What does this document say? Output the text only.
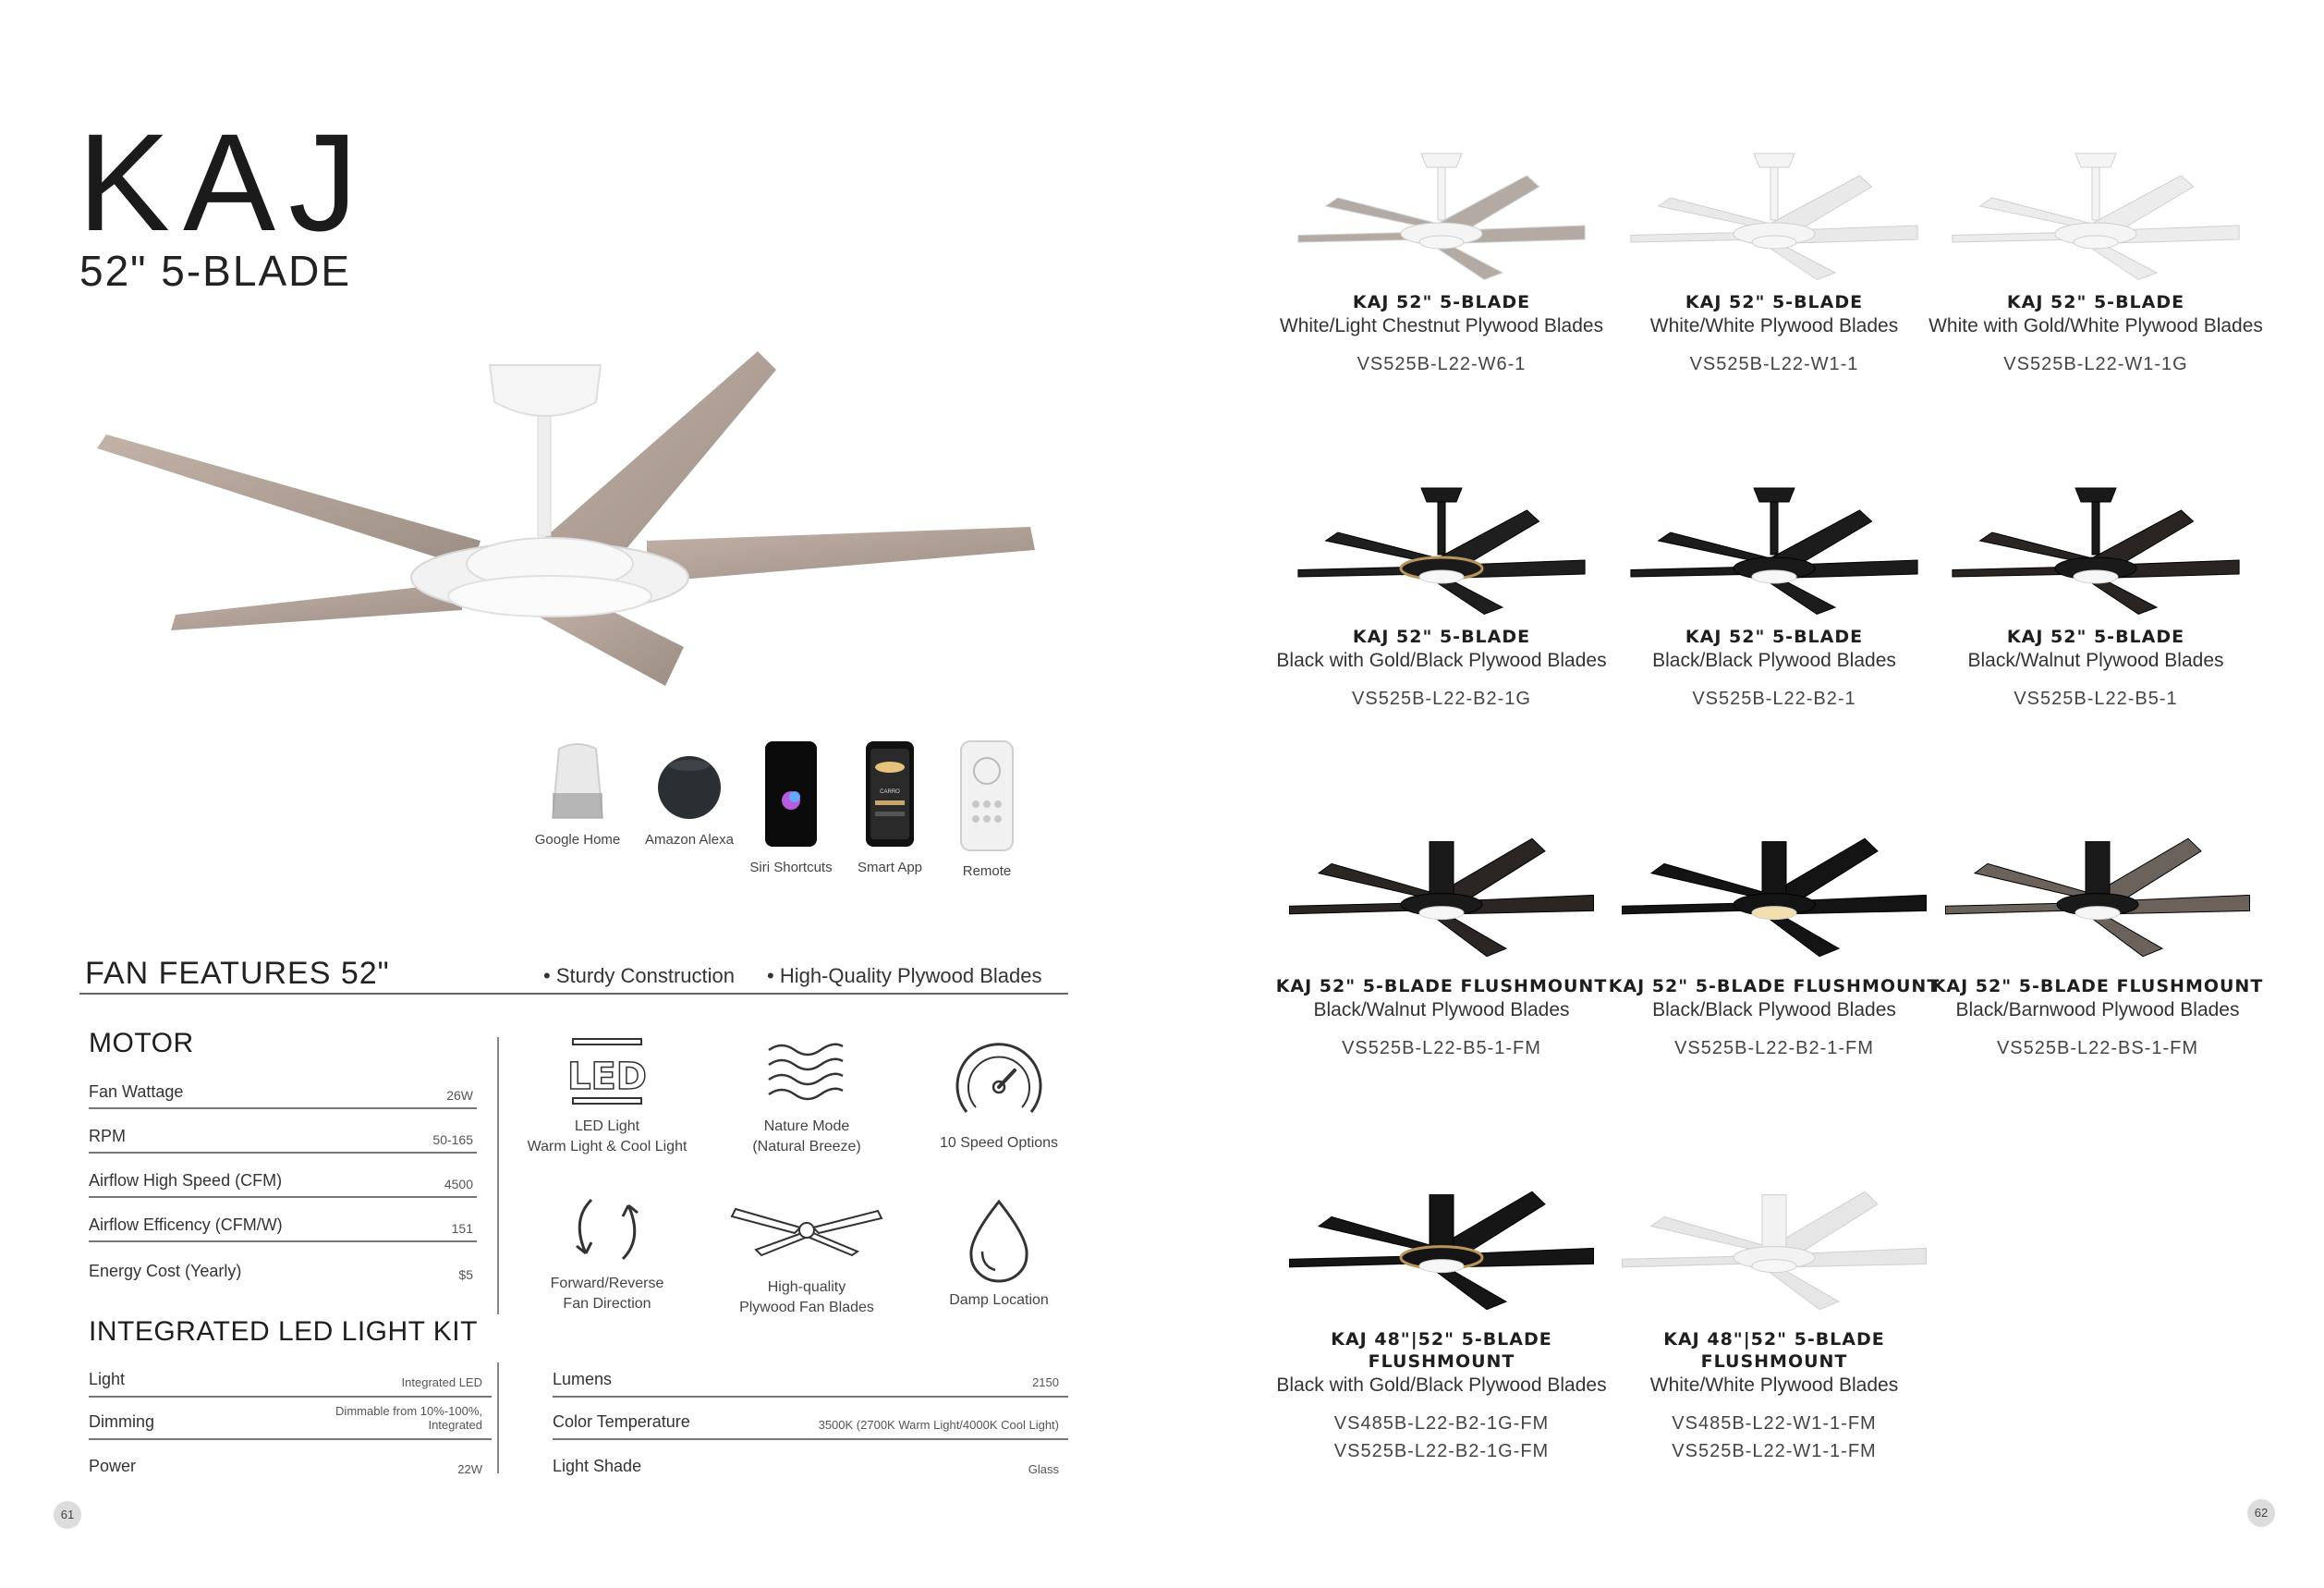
KAJ
52" 5-BLADE
Google Home	Amazon Alexa
Siri Shortcuts
CARRO
Smart App	Remote
FAN FEATURES 52"	• Sturdy Construction • High-Quality Plywood Blades
MOTOR
Fan Wattage	26W
RPM	50-165
Airflow High Speed (CFM)	4500
Airflow Efficency (CFM/W)	151
Energy Cost (Yearly)	$5
LED
LED Light
Warm Light & Cool Light
Nature Mode
(Natural Breeze)	10 Speed Options
Forward/Reverse
Fan Direction
High-quality
Plywood Fan Blades	Damp Location
INTEGRATED LED LIGHT KIT
Light	Integrated LED
Dimming
Dimmable from 10%-100%, Integrated
Power	22W
Lumens	2150
Color Temperature	3500K (2700K Warm Light/4000K Cool Light)
Light Shade	Glass
61
KAJ 52" 5-BLADE
White/Light Chestnut Plywood Blades
VS525B-L22-W6-1
KAJ 52" 5-BLADE
White/White Plywood Blades
VS525B-L22-W1-1
KAJ 52" 5-BLADE
White with Gold/White Plywood Blades
VS525B-L22-W1-1G
KAJ 52" 5-BLADE
Black with Gold/Black Plywood Blades
VS525B-L22-B2-1G
KAJ 52" 5-BLADE
Black/Black Plywood Blades
VS525B-L22-B2-1
KAJ 52" 5-BLADE
Black/Walnut Plywood Blades
VS525B-L22-B5-1
KAJ 52" 5-BLADE FLUSHMOUNT
Black/Walnut Plywood Blades
VS525B-L22-B5-1-FM
KAJ 52" 5-BLADE FLUSHMOUNT
Black/Black Plywood Blades
VS525B-L22-B2-1-FM
KAJ 52" 5-BLADE FLUSHMOUNT
Black/Barnwood Plywood Blades
VS525B-L22-BS-1-FM
KAJ 48"|52" 5-BLADE FLUSHMOUNT
Black with Gold/Black Plywood Blades
VS485B-L22-B2-1G-FM
VS525B-L22-B2-1G-FM
KAJ 48"|52" 5-BLADE FLUSHMOUNT
White/White Plywood Blades
VS485B-L22-W1-1-FM
VS525B-L22-W1-1-FM
62
